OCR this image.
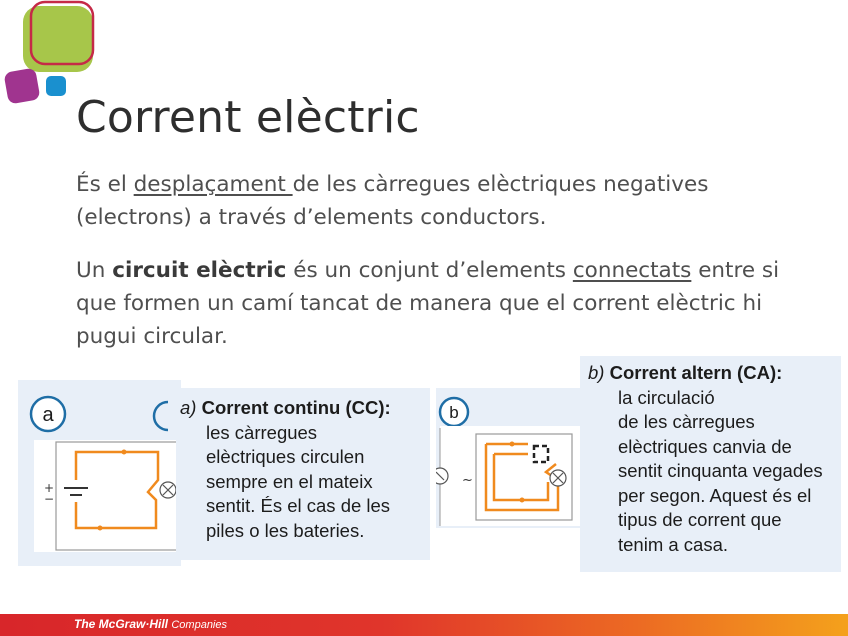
Corrent elèctric
És el desplaçament de les càrregues elèctriques negatives (electrons) a través d’elements conductors.
Un circuit elèctric és un conjunt d’elements connectats entre si que formen un camí tancat de manera que el corrent elèctric hi pugui circular.
a
+
−
a) Corrent continu (CC):
les càrregues
elèctriques circulen
sempre en el mateix
sentit. És el cas de les
piles o les bateries.
b
~
b) Corrent altern (CA):
la circulació
de les càrregues
elèctriques canvia de
sentit cinquanta vegades
per segon. Aquest és el
tipus de corrent que
tenim a casa.
The McGraw·Hill Companies
